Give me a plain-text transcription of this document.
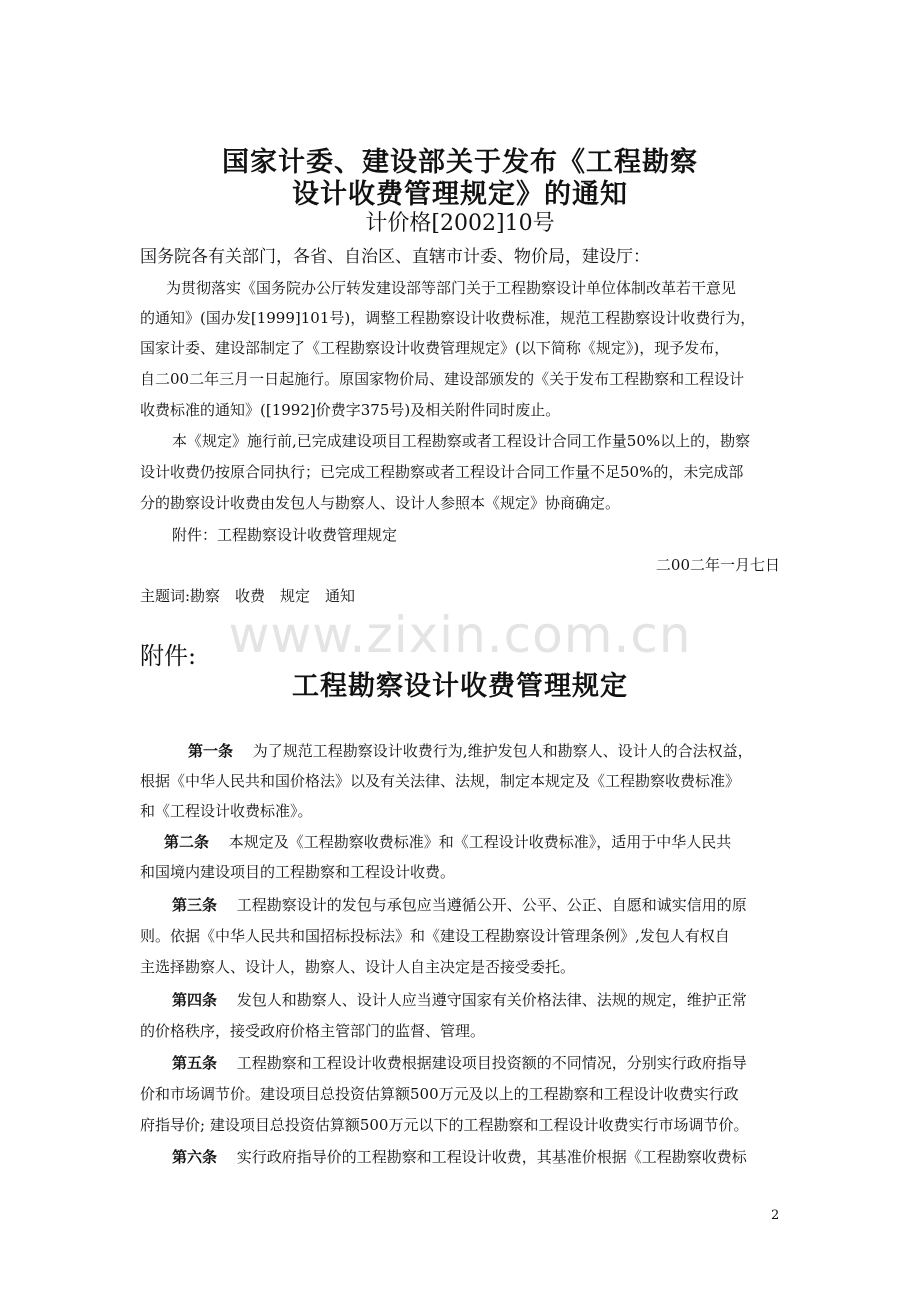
国家计委、建设部关于发布《工程勘察
设计收费管理规定》的通知
计价格[2002]10号
国务院各有关部门，各省、自治区、直辖市计委、物价局，建设厅：
为贯彻落实《国务院办公厅转发建设部等部门关于工程勘察设计单位体制改革若干意见
的通知》(国办发[1999]101号)，调整工程勘察设计收费标准，规范工程勘察设计收费行为，
国家计委、建设部制定了《工程勘察设计收费管理规定》(以下简称《规定》)，现予发布，
自二00二年三月一日起施行。原国家物价局、建设部颁发的《关于发布工程勘察和工程设计
收费标准的通知》([1992]价费字375号)及相关附件同时废止。
本《规定》施行前,已完成建设项目工程勘察或者工程设计合同工作量50%以上的，勘察
设计收费仍按原合同执行；已完成工程勘察或者工程设计合同工作量不足50%的，未完成部
分的勘察设计收费由发包人与勘察人、设计人参照本《规定》协商确定。
附件：工程勘察设计收费管理规定
二00二年一月七日
主题词:勘察　收费　规定　通知
www.zixin.com.cn
附件:
工程勘察设计收费管理规定
第一条　 为了规范工程勘察设计收费行为,维护发包人和勘察人、设计人的合法权益，
根据《中华人民共和国价格法》以及有关法律、法规，制定本规定及《工程勘察收费标准》
和《工程设计收费标准》。
第二条　 本规定及《工程勘察收费标准》和《工程设计收费标准》，适用于中华人民共
和国境内建设项目的工程勘察和工程设计收费。
第三条　 工程勘察设计的发包与承包应当遵循公开、公平、公正、自愿和诚实信用的原
则。依据《中华人民共和国招标投标法》和《建设工程勘察设计管理条例》,发包人有权自
主选择勘察人、设计人，勘察人、设计人自主决定是否接受委托。
第四条　 发包人和勘察人、设计人应当遵守国家有关价格法律、法规的规定，维护正常
的价格秩序，接受政府价格主管部门的监督、管理。
第五条　 工程勘察和工程设计收费根据建设项目投资额的不同情况，分别实行政府指导
价和市场调节价。建设项目总投资估算额500万元及以上的工程勘察和工程设计收费实行政
府指导价; 建设项目总投资估算额500万元以下的工程勘察和工程设计收费实行市场调节价。
第六条　 实行政府指导价的工程勘察和工程设计收费，其基准价根据《工程勘察收费标
2
